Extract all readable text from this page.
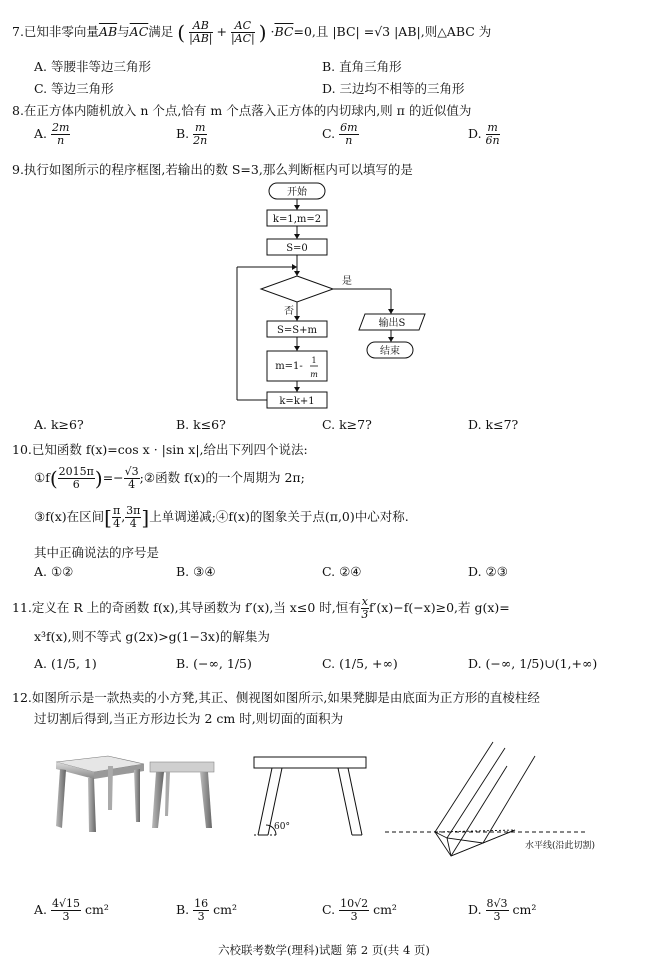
7.已知非零向量$\overline{AB}$与$\overline{AC}$满足 ( $\frac{AB}{|AB|} + \frac{AC}{|AC|}$ ) $\cdot\overline{BC}=0$,且 |BC| =√3 |AB|,则△ABC 为
A. 等腰非等边三角形	B. 直角三角形
C. 等边三角形	D. 三边均不相等的三角形
8.在正方体内随机放入 n 个点,恰有 m 个点落入正方体的内切球内,则 π 的近似值为
A. $\frac{2m}{n}$	B. $\frac{m}{2n}$	C. $\frac{6m}{n}$	D. $\frac{m}{6n}$
9.执行如图所示的程序框图,若输出的数 S=3,那么判断框内可以填写的是
开始
k=1,m=2
S=0
是
否
输出S
结束
S=S+m
m=1-
1
m
k=k+1
A. k≥6?	B. k≤6?	C. k≥7?	D. k≤7?
10.已知函数 f(x)=cos x · |sin x|,给出下列四个说法:
①f( $\frac{2015\pi}{6}$ )=− $\frac{√3}{4}$ ;②函数 f(x)的一个周期为 2π;
③f(x)在区间[ $\frac{\pi}{4}$ , $\frac{3\pi}{4}$ ]上单调递减;④f(x)的图象关于点(π,0)中心对称.
其中正确说法的序号是
A. ①②	B. ③④	C. ②④	D. ②③
11.定义在 R 上的奇函数 f(x),其导函数为 f′(x),当 x≤0 时,恒有 $\frac{x}{3} f'(x)-f(-x)\ge 0$,若 g(x)=
x³f(x),则不等式 g(2x)>g(1−3x)的解集为
A. (1/5, 1)	B. (−∞, 1/5)	C. (1/5, +∞)	D. (−∞, 1/5)∪(1,+∞)
12.如图所示是一款热卖的小方凳,其正、侧视图如图所示,如果凳脚是由底面为正方形的直棱柱经
过切割后得到,当正方形边长为 2 cm 时,则切面的面积为
60°
水平线(沿此切割)
A. $\frac{4√15}{3} cm^2$	B. $\frac{16}{3} cm^2$	C. $\frac{10√2}{3} cm^2$	D. $\frac{8√3}{3} cm^2$
六校联考数学(理科)试题 第 2 页(共 4 页)
